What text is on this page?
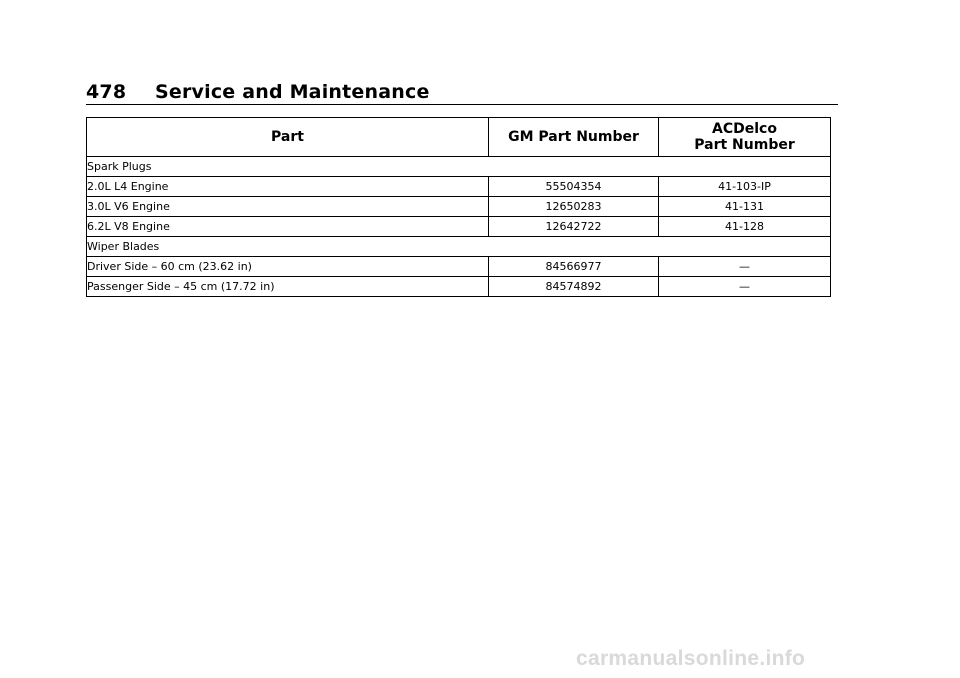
478 Service and Maintenance
Part	GM Part Number	ACDelco
Part Number
Spark Plugs		
2.0L L4 Engine	55504354	41-103-IP
3.0L V6 Engine	12650283	41-131
6.2L V8 Engine	12642722	41-128
Wiper Blades		
Driver Side – 60 cm (23.62 in)	84566977	—
Passenger Side – 45 cm (17.72 in)	84574892	—
carmanualsonline.info
